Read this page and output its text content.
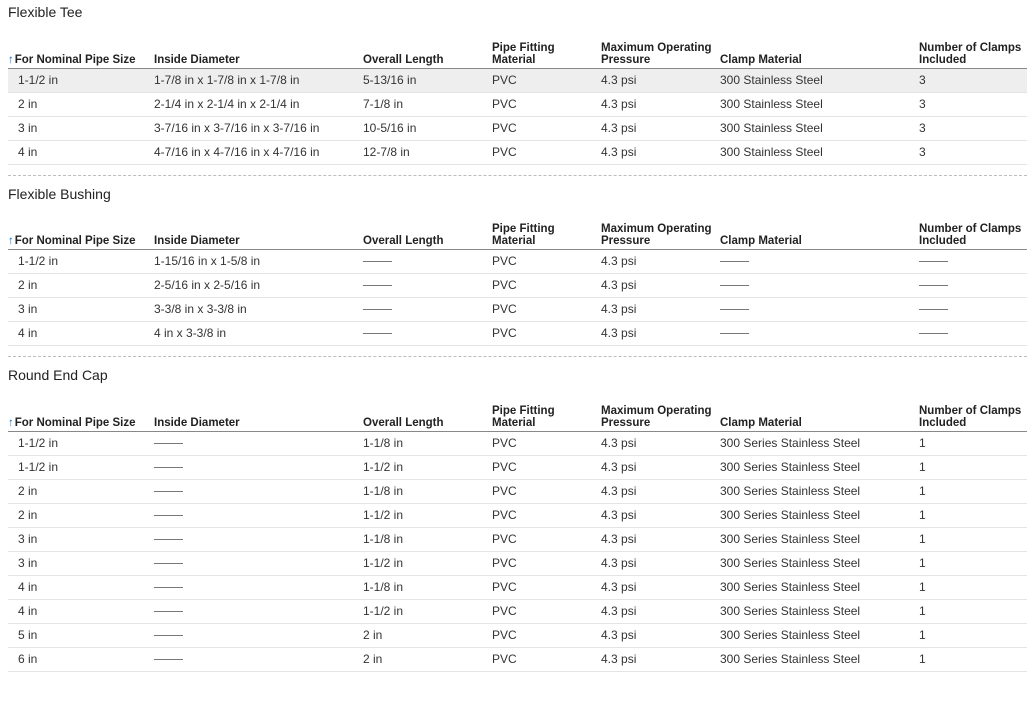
Flexible Tee
↑For Nominal Pipe Size	Inside Diameter	Overall Length	Pipe Fitting Material	Maximum Operating Pressure	Clamp Material	Number of Clamps Included
1-1/2 in	1-7/8 in x 1-7/8 in x 1-7/8 in	5-13/16 in	PVC	4.3 psi	300 Stainless Steel	3
2 in	2-1/4 in x 2-1/4 in x 2-1/4 in	7-1/8 in	PVC	4.3 psi	300 Stainless Steel	3
3 in	3-7/16 in x 3-7/16 in x 3-7/16 in	10-5/16 in	PVC	4.3 psi	300 Stainless Steel	3
4 in	4-7/16 in x 4-7/16 in x 4-7/16 in	12-7/8 in	PVC	4.3 psi	300 Stainless Steel	3
Flexible Bushing
↑For Nominal Pipe Size	Inside Diameter	Overall Length	Pipe Fitting Material	Maximum Operating Pressure	Clamp Material	Number of Clamps Included
1-1/2 in	1-15/16 in x 1-5/8 in		PVC	4.3 psi		
2 in	2-5/16 in x 2-5/16 in		PVC	4.3 psi		
3 in	3-3/8 in x 3-3/8 in		PVC	4.3 psi		
4 in	4 in x 3-3/8 in		PVC	4.3 psi		
Round End Cap
↑For Nominal Pipe Size	Inside Diameter	Overall Length	Pipe Fitting Material	Maximum Operating Pressure	Clamp Material	Number of Clamps Included
1-1/2 in		1-1/8 in	PVC	4.3 psi	300 Series Stainless Steel	1
1-1/2 in		1-1/2 in	PVC	4.3 psi	300 Series Stainless Steel	1
2 in		1-1/8 in	PVC	4.3 psi	300 Series Stainless Steel	1
2 in		1-1/2 in	PVC	4.3 psi	300 Series Stainless Steel	1
3 in		1-1/8 in	PVC	4.3 psi	300 Series Stainless Steel	1
3 in		1-1/2 in	PVC	4.3 psi	300 Series Stainless Steel	1
4 in		1-1/8 in	PVC	4.3 psi	300 Series Stainless Steel	1
4 in		1-1/2 in	PVC	4.3 psi	300 Series Stainless Steel	1
5 in		2 in	PVC	4.3 psi	300 Series Stainless Steel	1
6 in		2 in	PVC	4.3 psi	300 Series Stainless Steel	1
